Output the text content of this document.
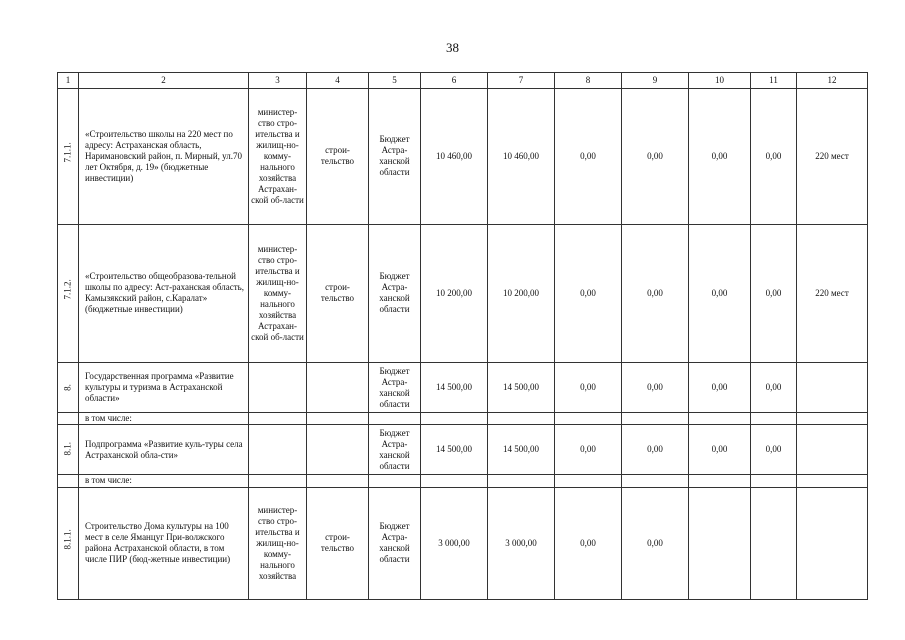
38
1	2	3	4	5	6	7	8	9	10	11	12

7.1.1.	«Строительство школы на 220 мест по адресу: Астраханская область, Наримановский район, п. Мирный, ул.70 лет Октября, д. 19» (бюджетные инвестиции)	министер-ство стро-ительства и жилищ-но-комму-нального хозяйства Астрахан-ской об-ласти	строи-тельство	Бюджет Астра-ханской области	10 460,00	10 460,00	0,00	0,00	0,00	0,00	220 мест

7.1.2.	«Строительство общеобразова-тельной школы по адресу: Аст-раханская область, Камызякский район, с.Каралат» (бюджетные инвестиции)	министер-ство стро-ительства и жилищ-но-комму-нального хозяйства Астрахан-ской об-ласти	строи-тельство	Бюджет Астра-ханской области	10 200,00	10 200,00	0,00	0,00	0,00	0,00	220 мест

8.	Государственная программа «Развитие культуры и туризма в Астраханской области»			Бюджет Астра-ханской области	14 500,00	14 500,00	0,00	0,00	0,00	0,00	
	в том числе:										

8.1.	Подпрограмма «Развитие куль-туры села Астраханской обла-сти»			Бюджет Астра-ханской области	14 500,00	14 500,00	0,00	0,00	0,00	0,00	
	в том числе:										

8.1.1.	Строительство Дома культуры на 100 мест в селе Яманцуг При-волжского района Астраханской области, в том числе ПИР (бюд-жетные инвестиции)	министер-ство стро-ительства и жилищ-но-комму-нального хозяйства	строи-тельство	Бюджет Астра-ханской области	3 000,00	3 000,00	0,00	0,00			
